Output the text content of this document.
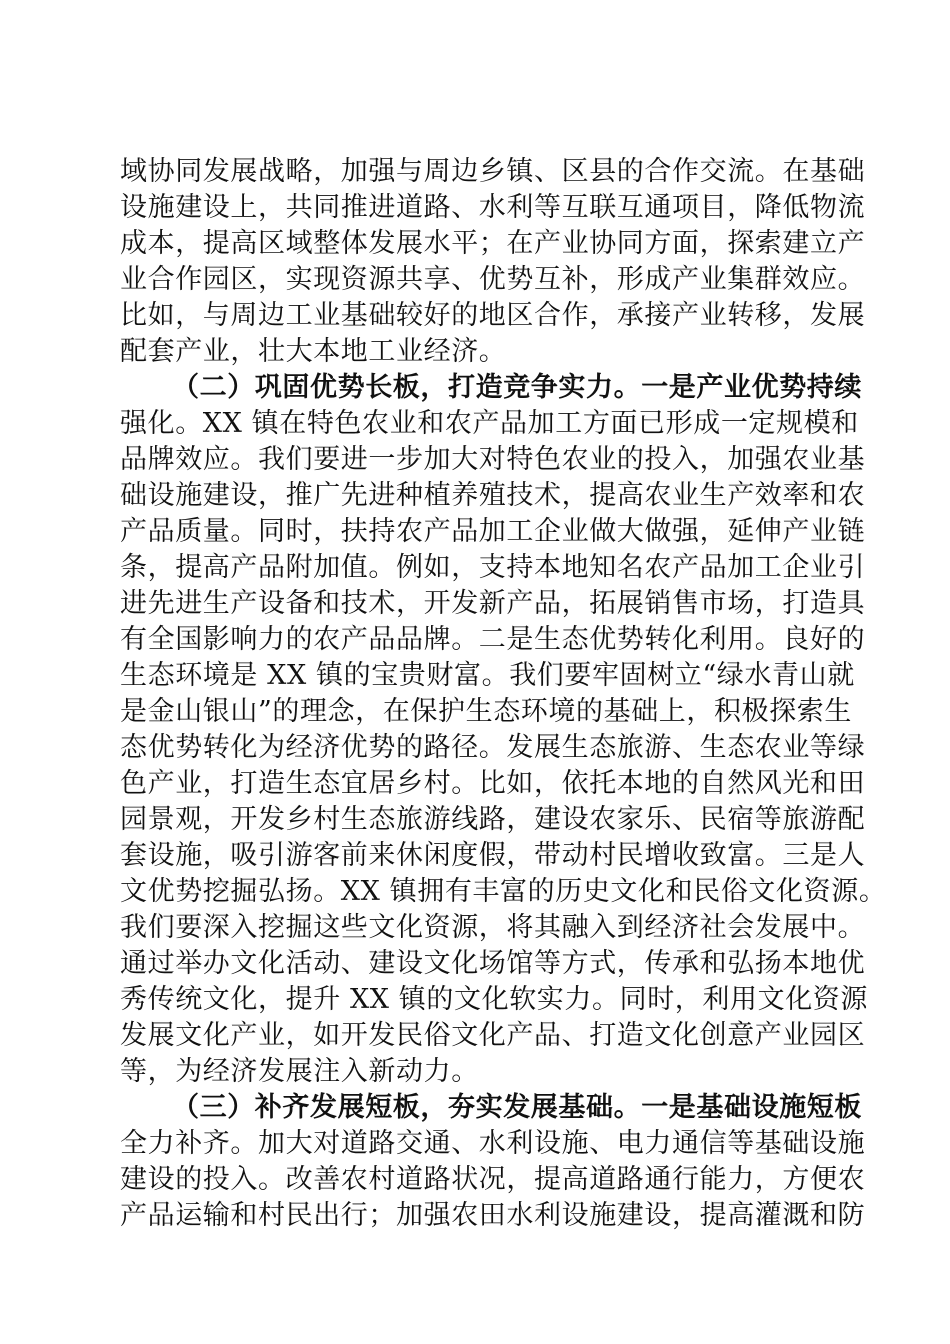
域协同发展战略，加强与周边乡镇、区县的合作交流。在基础
设施建设上，共同推进道路、水利等互联互通项目，降低物流
成本，提高区域整体发展水平；在产业协同方面，探索建立产
业合作园区，实现资源共享、优势互补，形成产业集群效应。
比如，与周边工业基础较好的地区合作，承接产业转移，发展
配套产业，壮大本地工业经济。
（二）巩固优势长板，打造竞争实力。一是产业优势持续
强化。XX 镇在特色农业和农产品加工方面已形成一定规模和
品牌效应。我们要进一步加大对特色农业的投入，加强农业基
础设施建设，推广先进种植养殖技术，提高农业生产效率和农
产品质量。同时，扶持农产品加工企业做大做强，延伸产业链
条，提高产品附加值。例如，支持本地知名农产品加工企业引
进先进生产设备和技术，开发新产品，拓展销售市场，打造具
有全国影响力的农产品品牌。二是生态优势转化利用。良好的
生态环境是 XX 镇的宝贵财富。我们要牢固树立“绿水青山就
是金山银山”的理念，在保护生态环境的基础上，积极探索生
态优势转化为经济优势的路径。发展生态旅游、生态农业等绿
色产业，打造生态宜居乡村。比如，依托本地的自然风光和田
园景观，开发乡村生态旅游线路，建设农家乐、民宿等旅游配
套设施，吸引游客前来休闲度假，带动村民增收致富。三是人
文优势挖掘弘扬。XX 镇拥有丰富的历史文化和民俗文化资源。
我们要深入挖掘这些文化资源，将其融入到经济社会发展中。
通过举办文化活动、建设文化场馆等方式，传承和弘扬本地优
秀传统文化，提升 XX 镇的文化软实力。同时，利用文化资源
发展文化产业，如开发民俗文化产品、打造文化创意产业园区
等，为经济发展注入新动力。
（三）补齐发展短板，夯实发展基础。一是基础设施短板
全力补齐。加大对道路交通、水利设施、电力通信等基础设施
建设的投入。改善农村道路状况，提高道路通行能力，方便农
产品运输和村民出行；加强农田水利设施建设，提高灌溉和防
